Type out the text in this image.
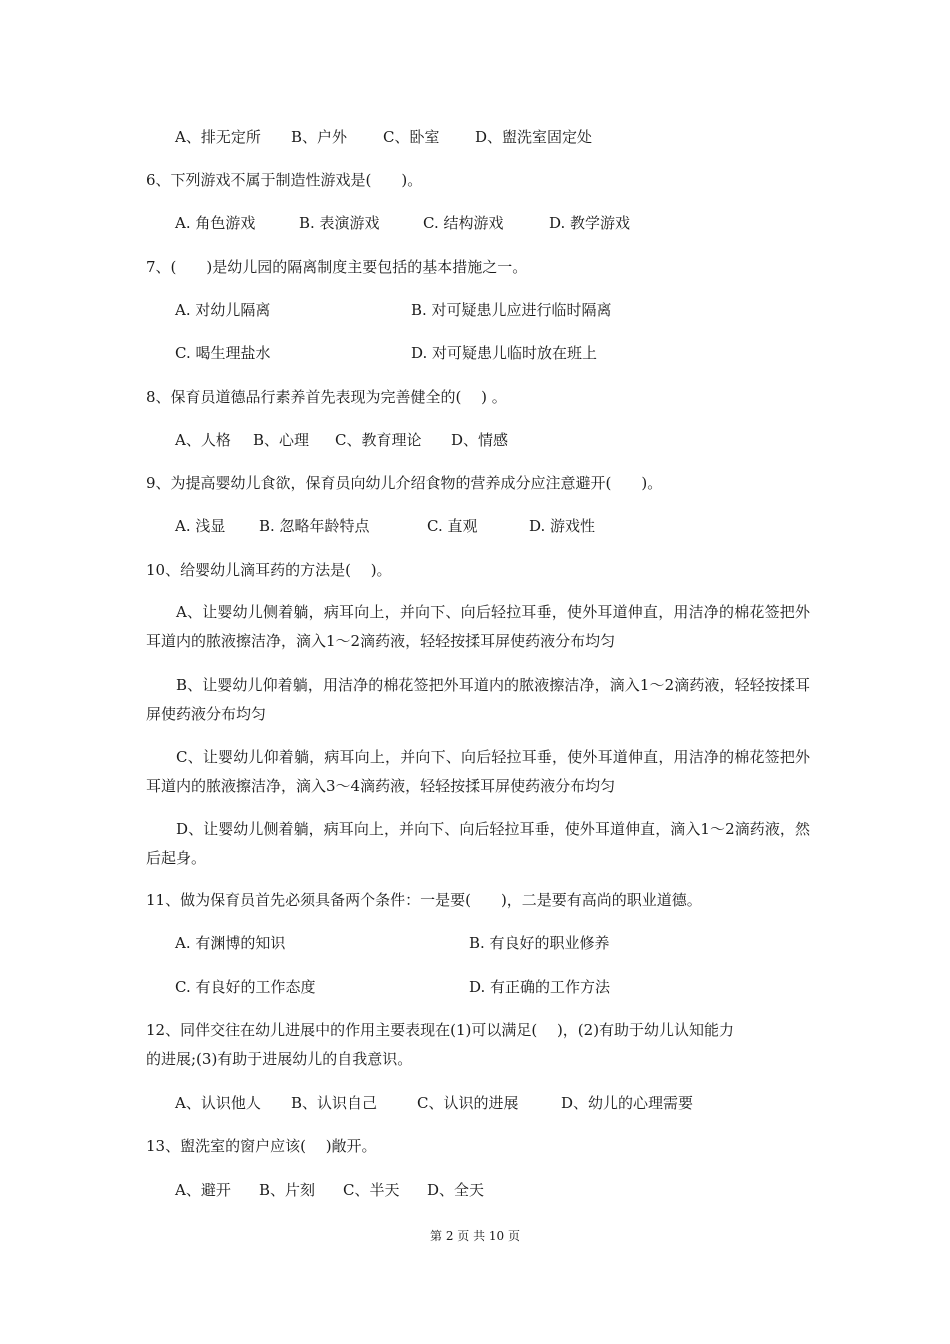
A、排无定所 B、户外 C、卧室 D、盥洗室固定处
6、下列游戏不属于制造性游戏是(　　)。
A. 角色游戏	B. 表演游戏	C. 结构游戏	D. 教学游戏
7、(　　)是幼儿园的隔离制度主要包括的基本措施之一。
A. 对幼儿隔离	B. 对可疑患儿应进行临时隔离
C. 喝生理盐水	D. 对可疑患儿临时放在班上
8、保育员道德品行素养首先表现为完善健全的(　 ) 。
A、人格 B、心理 C、教育理论 D、情感
9、为提高婴幼儿食欲，保育员向幼儿介绍食物的营养成分应注意避开(　　)。
A. 浅显 B. 忽略年龄特点	C. 直观	D. 游戏性
10、给婴幼儿滴耳药的方法是(　 )。
A、让婴幼儿侧着躺，病耳向上，并向下、向后轻拉耳垂，使外耳道伸直，用洁净的棉花签把外耳道内的脓液擦洁净，滴入1～2滴药液，轻轻按揉耳屏使药液分布均匀
B、让婴幼儿仰着躺，用洁净的棉花签把外耳道内的脓液擦洁净，滴入1～2滴药液，轻轻按揉耳屏使药液分布均匀
C、让婴幼儿仰着躺，病耳向上，并向下、向后轻拉耳垂，使外耳道伸直，用洁净的棉花签把外耳道内的脓液擦洁净，滴入3～4滴药液，轻轻按揉耳屏使药液分布均匀
D、让婴幼儿侧着躺，病耳向上，并向下、向后轻拉耳垂，使外耳道伸直，滴入1～2滴药液，然后起身。
11、做为保育员首先必须具备两个条件：一是要(　　)，二是要有高尚的职业道德。
A. 有渊博的知识	B. 有良好的职业修养
C. 有良好的工作态度	D. 有正确的工作方法
12、同伴交往在幼儿进展中的作用主要表现在(1)可以满足(　 )，(2)有助于幼儿认知能力
的进展;(3)有助于进展幼儿的自我意识。
A、认识他人 B、认识自己	C、认识的进展	D、幼儿的心理需要
13、盥洗室的窗户应该(　 )敞开。
A、避开 B、片刻 C、半天 D、全天
第 2 页 共 10 页
